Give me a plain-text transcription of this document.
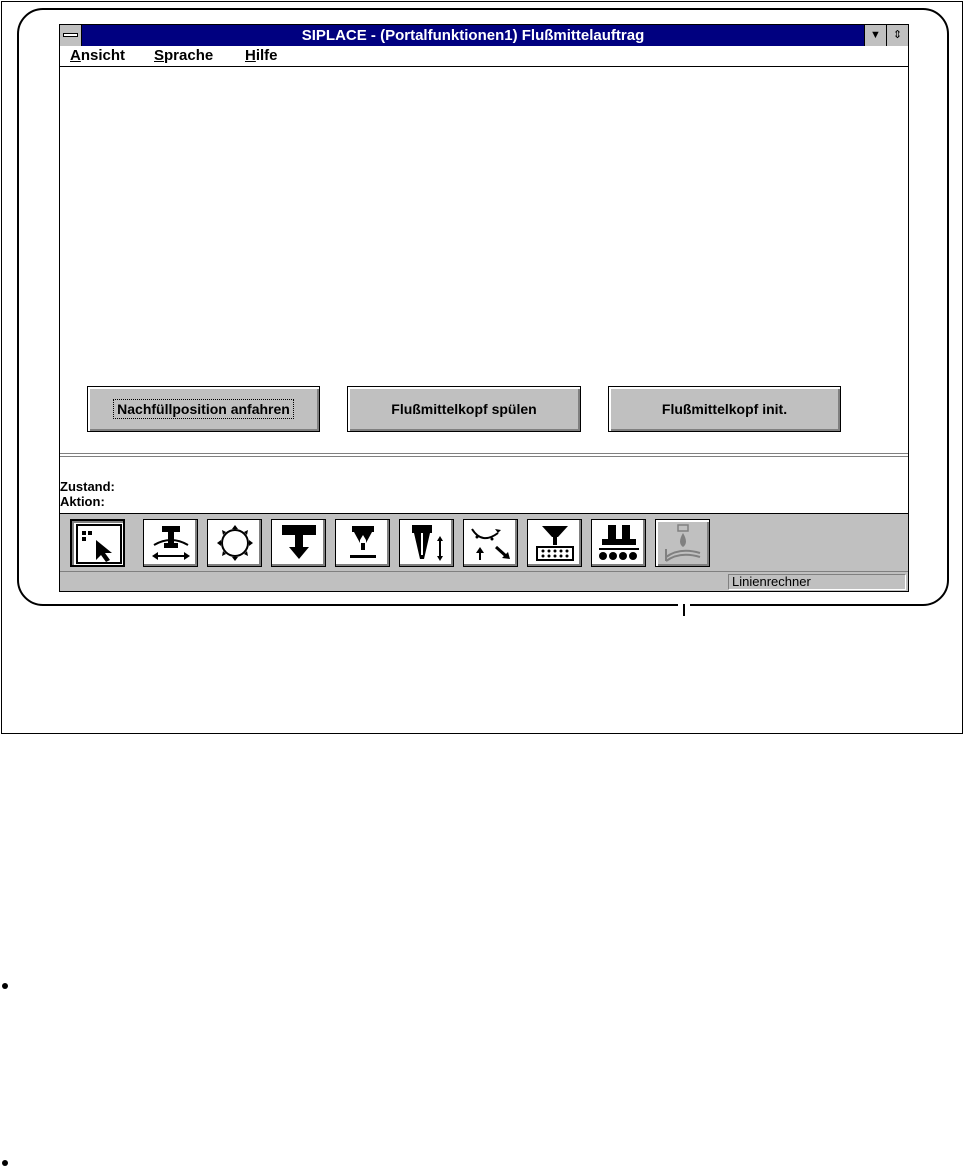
SIPLACE - (Portalfunktionen1) Flußmittelauftrag	▼	⇕
Ansicht Sprache Hilfe
Nachfüllposition anfahren	Flußmittelkopf spülen	Flußmittelkopf init.
Zustand:
Aktion:
Linienrechner
